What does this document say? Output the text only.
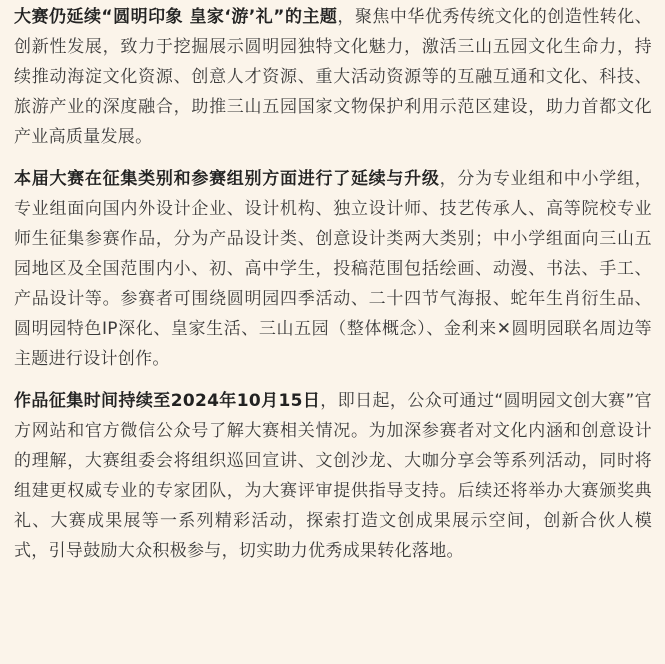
大赛仍延续“圆明印象 皇家‘游’礼”的主题，聚焦中华优秀传统文化的创造性转化、创新性发展，致力于挖掘展示圆明园独特文化魅力，激活三山五园文化生命力，持续推动海淀文化资源、创意人才资源、重大活动资源等的互融互通和文化、科技、旅游产业的深度融合，助推三山五园国家文物保护利用示范区建设，助力首都文化产业高质量发展。

本届大赛在征集类别和参赛组别方面进行了延续与升级，分为专业组和中小学组，专业组面向国内外设计企业、设计机构、独立设计师、技艺传承人、高等院校专业师生征集参赛作品，分为产品设计类、创意设计类两大类别；中小学组面向三山五园地区及全国范围内小、初、高中学生，投稿范围包括绘画、动漫、书法、手工、产品设计等。参赛者可围绕圆明园四季活动、二十四节气海报、蛇年生肖衍生品、圆明园特色IP深化、皇家生活、三山五园（整体概念）、金利来✕圆明园联名周边等主题进行设计创作。

作品征集时间持续至2024年10月15日，即日起，公众可通过“圆明园文创大赛”官方网站和官方微信公众号了解大赛相关情况。为加深参赛者对文化内涵和创意设计的理解，大赛组委会将组织巡回宣讲、文创沙龙、大咖分享会等系列活动，同时将组建更权威专业的专家团队，为大赛评审提供指导支持。后续还将举办大赛颁奖典礼、大赛成果展等一系列精彩活动，探索打造文创成果展示空间，创新合伙人模式，引导鼓励大众积极参与，切实助力优秀成果转化落地。
